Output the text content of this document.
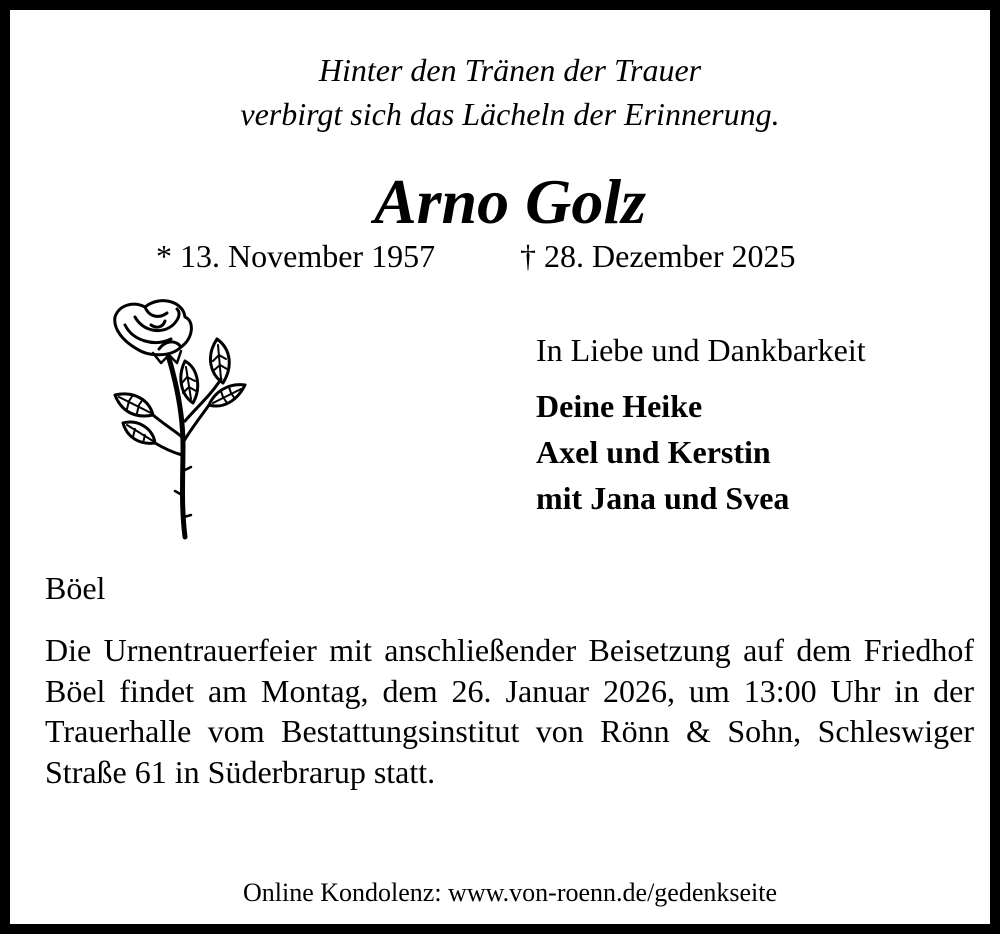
Hinter den Tränen der Trauer
verbirgt sich das Lächeln der Erinnerung.
Arno Golz
* 13. November 1957	† 28. Dezember 2025
In Liebe und Dankbarkeit
Deine Heike
Axel und Kerstin
mit Jana und Svea
Böel
Die Urnentrauerfeier mit anschließender Beisetzung auf dem Friedhof Böel findet am Montag, dem 26. Januar 2026, um 13:00 Uhr in der Trauerhalle vom Bestattungsinstitut von Rönn & Sohn, Schleswiger Straße 61 in Süderbrarup statt.
Online Kondolenz: www.von-roenn.de/gedenkseite
